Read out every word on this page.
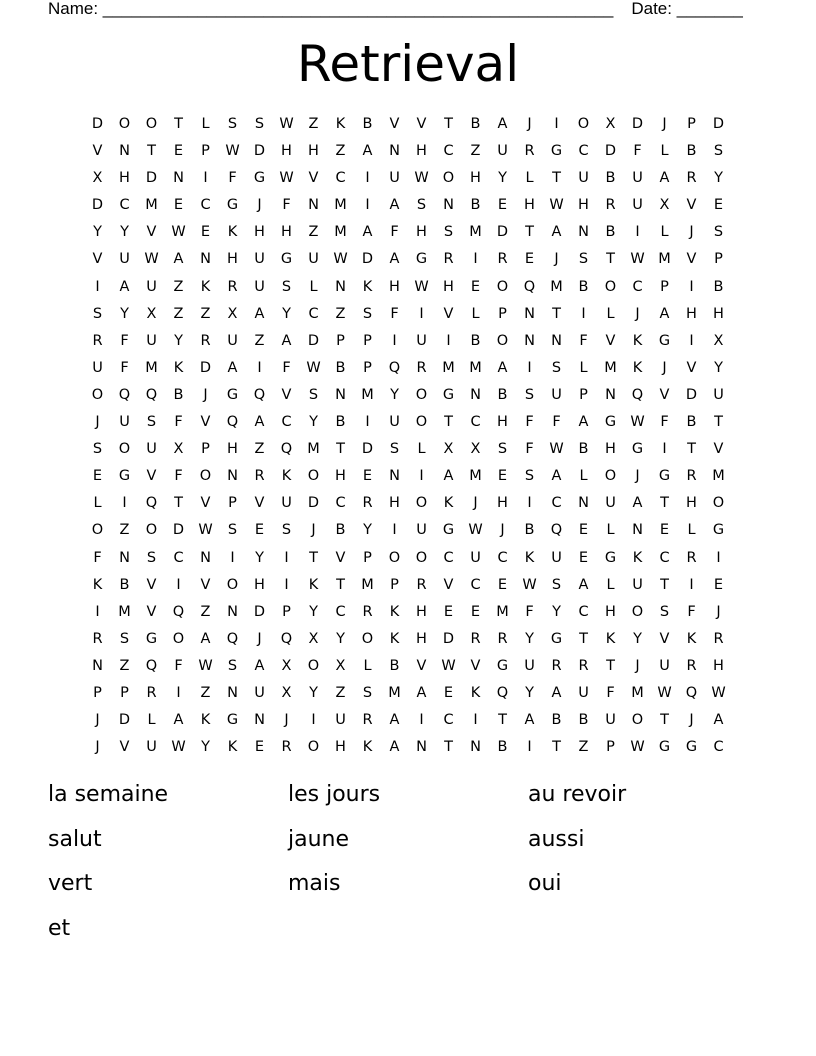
Name: ______________________________________________________ Date: _______
Retrieval
D	O	O	T	L	S	S	W	Z	K	B	V	V	T	B	A	J	I	O	X	D	J	P	D
V	N	T	E	P	W D	H	H	Z	A	N	H	C	Z	U	R	G	C	D	F	L	B	S
X	H	D	N	I	F	G W	V	C	I	U	W O	H	Y	L	T	U	B	U	A	R	Y
D	C	M	E	C	G	J	F	N	M	I	A	S	N	B	E	H W H	R	U	X	V	E
Y	Y	V	W	E	K	H	H	Z	M	A	F	H	S	M	D	T	A	N	B	I	L	J	S
V	U	W	A	N	H	U	G	U	W D	A	G	R	I	R	E	J	S	T	W M	V	P
I	A	U	Z	K	R	U	S	L	N	K	H W H	E	O	Q	M	B	O	C	P	I	B
S	Y	X	Z	Z	X	A	Y	C	Z	S	F	I	V	L	P	N	T	I	L	J	A	H	H
R	F	U	Y	R	U	Z	A	D	P	P	I	U	I	B	O	N	N	F	V	K	G	I	X
U	F	M	K	D	A	I	F	W	B	P	Q	R	M M	A	I	S	L	M	K	J	V	Y
O	Q	Q	B	J	G	Q	V	S	N	M	Y	O	G	N	B	S	U	P	N	Q	V	D	U
J	U	S	F	V	Q	A	C	Y	B	I	U	O	T	C	H	F	F	A	G W	F	B	T
S	O	U	X	P	H	Z	Q	M	T	D	S	L	X	X	S	F	W	B	H	G	I	T	V
E	G	V	F	O	N	R	K	O	H	E	N	I	A	M	E	S	A	L	O	J	G	R	M
L	I	Q	T	V	P	V	U	D	C	R	H	O	K	J	H	I	C	N	U	A	T	H	O
O	Z	O	D W	S	E	S	J	B	Y	I	U	G W	J	B	Q	E	L	N	E	L	G
F	N	S	C	N	I	Y	I	T	V	P	O	O	C	U	C	K	U	E	G	K	C	R	I
K	B	V	I	V	O	H	I	K	T	M	P	R	V	C	E	W	S	A	L	U	T	I	E
I	M	V	Q	Z	N	D	P	Y	C	R	K	H	E	E	M	F	Y	C	H	O	S	F	J
R	S	G	O	A	Q	J	Q	X	Y	O	K	H	D	R	R	Y	G	T	K	Y	V	K	R
N	Z	Q	F	W	S	A	X	O	X	L	B	V	W	V	G	U	R	R	T	J	U	R	H
P	P	R	I	Z	N	U	X	Y	Z	S	M	A	E	K	Q	Y	A	U	F	M W Q W
J	D	L	A	K	G	N	J	I	U	R	A	I	C	I	T	A	B	B	U	O	T	J	A
J	V	U	W	Y	K	E	R	O	H	K	A	N	T	N	B	I	T	Z	P	W G	G	C
la semaine	les jours	au revoir
salut	jaune	aussi
vert	mais	oui
et
